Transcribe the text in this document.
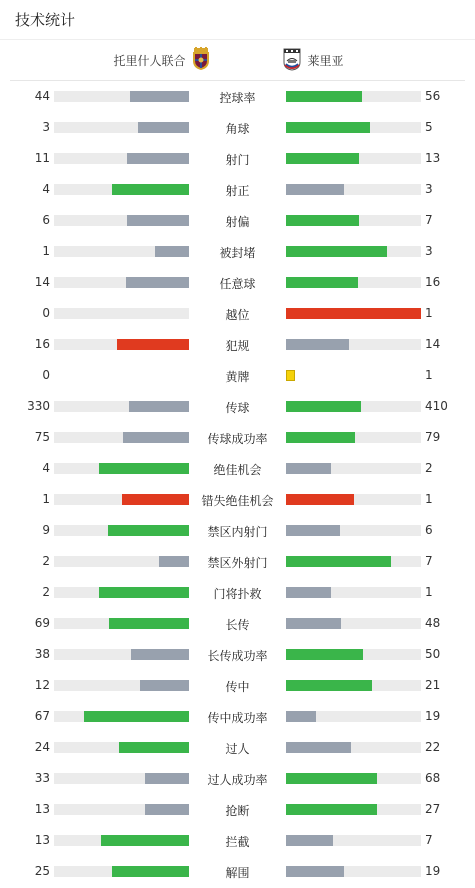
技术统计
托里什人联合	莱里亚
44	控球率	56
3	角球	5
11	射门	13
4	射正	3
6	射偏	7
1	被封堵	3
14	任意球	16
0	越位	1
16	犯规	14
0	黄牌	1
330	传球	410
75	传球成功率	79
4	绝佳机会	2
1	错失绝佳机会	1
9	禁区内射门	6
2	禁区外射门	7
2	门将扑救	1
69	长传	48
38	长传成功率	50
12	传中	21
67	传中成功率	19
24	过人	22
33	过人成功率	68
13	抢断	27
13	拦截	7
25	解围	19
